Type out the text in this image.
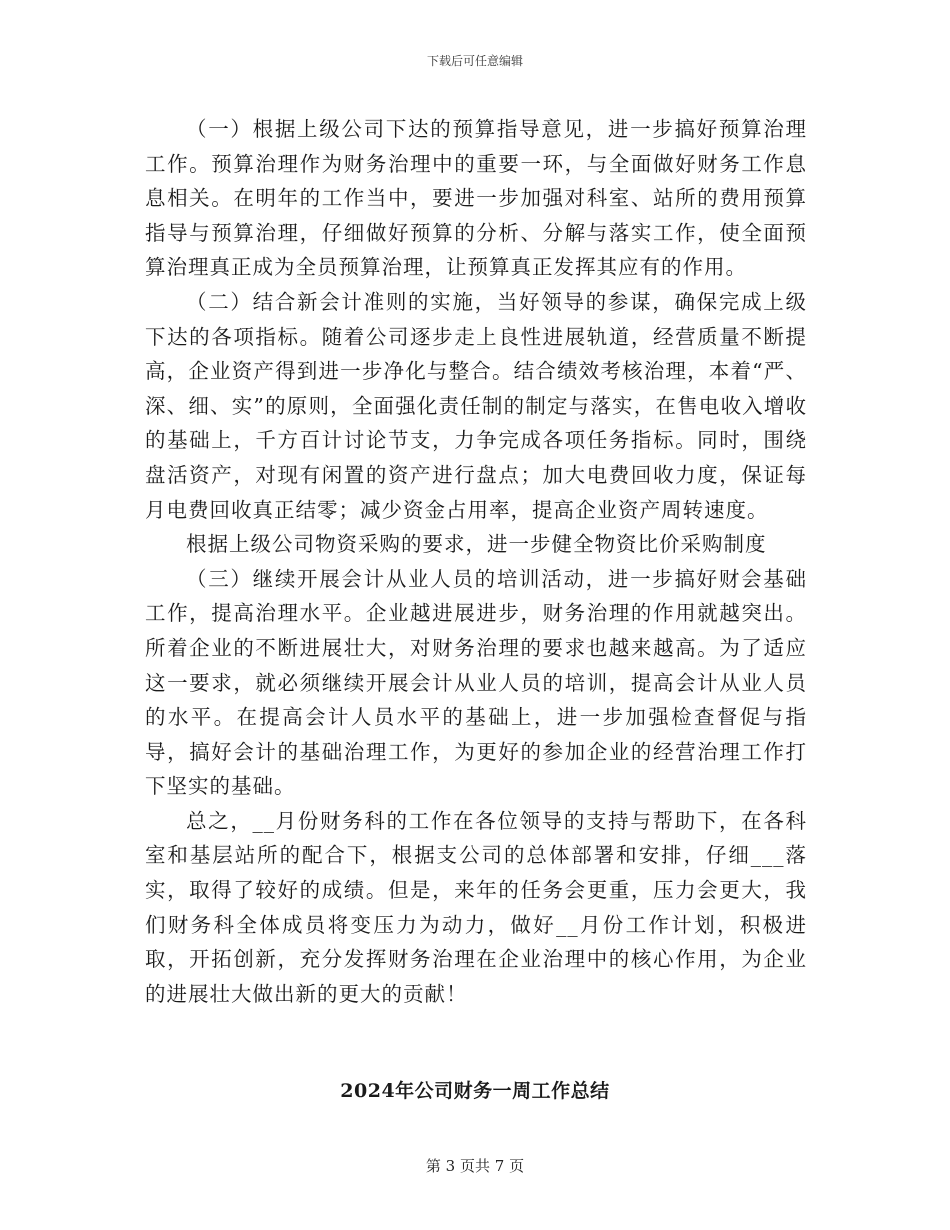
下载后可任意编辑

（一）根据上级公司下达的预算指导意见，进一步搞好预算治理工作。预算治理作为财务治理中的重要一环，与全面做好财务工作息息相关。在明年的工作当中，要进一步加强对科室、站所的费用预算指导与预算治理，仔细做好预算的分析、分解与落实工作，使全面预算治理真正成为全员预算治理，让预算真正发挥其应有的作用。

（二）结合新会计准则的实施，当好领导的参谋，确保完成上级下达的各项指标。随着公司逐步走上良性进展轨道，经营质量不断提高，企业资产得到进一步净化与整合。结合绩效考核治理，本着“严、深、细、实”的原则，全面强化责任制的制定与落实，在售电收入增收的基础上，千方百计讨论节支，力争完成各项任务指标。同时，围绕盘活资产，对现有闲置的资产进行盘点；加大电费回收力度，保证每月电费回收真正结零；减少资金占用率，提高企业资产周转速度。

根据上级公司物资采购的要求，进一步健全物资比价采购制度

（三）继续开展会计从业人员的培训活动，进一步搞好财会基础工作，提高治理水平。企业越进展进步，财务治理的作用就越突出。所着企业的不断进展壮大，对财务治理的要求也越来越高。为了适应这一要求，就必须继续开展会计从业人员的培训，提高会计从业人员的水平。在提高会计人员水平的基础上，进一步加强检查督促与指导，搞好会计的基础治理工作，为更好的参加企业的经营治理工作打下坚实的基础。

总之，__月份财务科的工作在各位领导的支持与帮助下，在各科室和基层站所的配合下，根据支公司的总体部署和安排，仔细___落实，取得了较好的成绩。但是，来年的任务会更重，压力会更大，我们财务科全体成员将变压力为动力，做好__月份工作计划，积极进取，开拓创新，充分发挥财务治理在企业治理中的核心作用，为企业的进展壮大做出新的更大的贡献！

2024年公司财务一周工作总结
第 3 页共 7 页
